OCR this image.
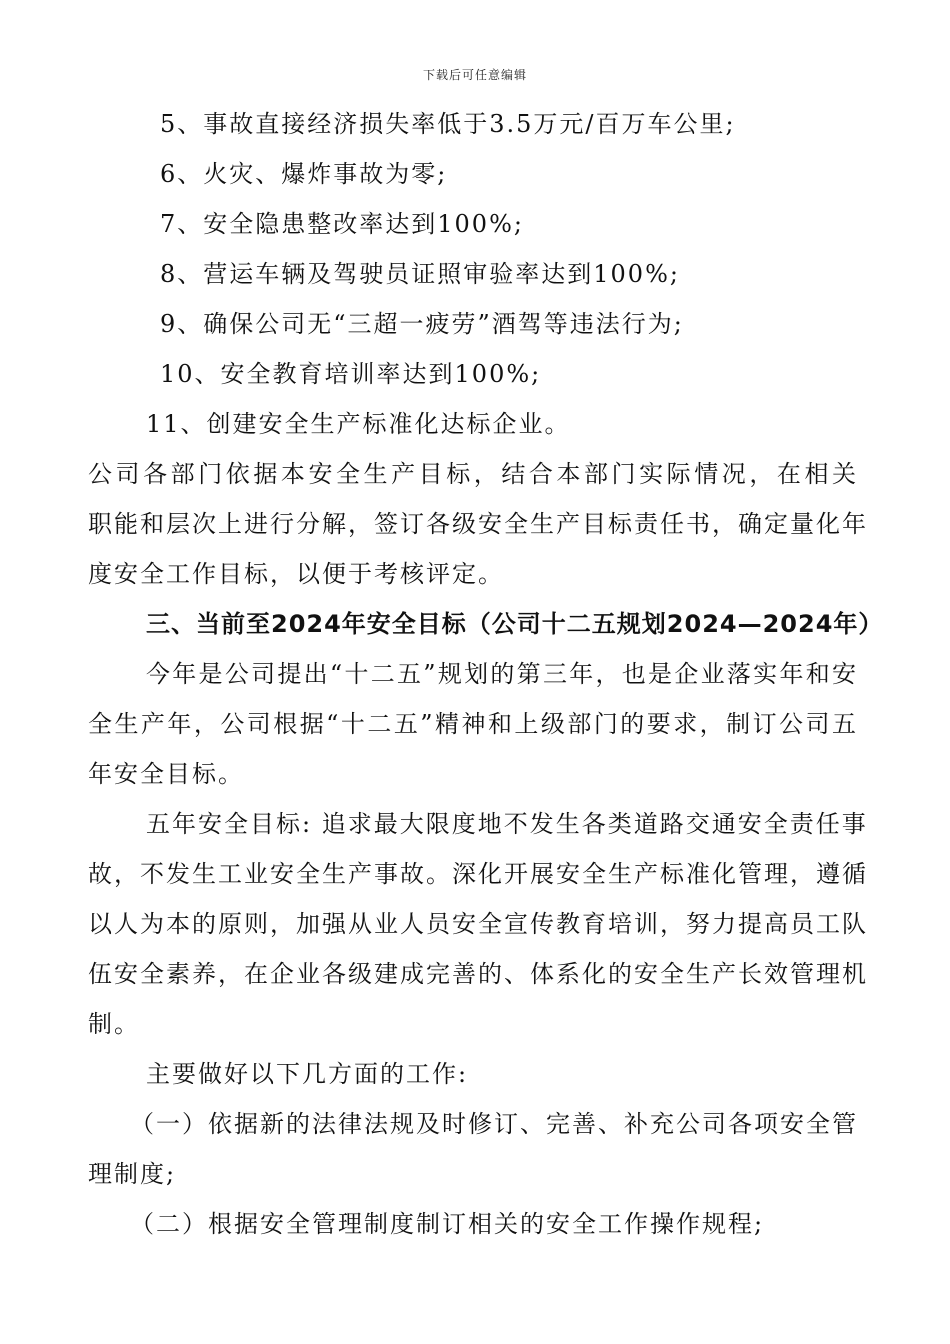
下载后可任意编辑
5、事故直接经济损失率低于3.5万元/百万车公里;
6、火灾、爆炸事故为零;
7、安全隐患整改率达到100%;
8、营运车辆及驾驶员证照审验率达到100%;
9、确保公司无“三超一疲劳”酒驾等违法行为;
10、安全教育培训率达到100%;
11、创建安全生产标准化达标企业。
公司各部门依据本安全生产目标，结合本部门实际情况，在相关
职能和层次上进行分解，签订各级安全生产目标责任书，确定量化年
度安全工作目标，以便于考核评定。
三、当前至2024年安全目标（公司十二五规划2024—2024年）
今年是公司提出“十二五”规划的第三年，也是企业落实年和安
全生产年，公司根据“十二五”精神和上级部门的要求，制订公司五
年安全目标。
五年安全目标: 追求最大限度地不发生各类道路交通安全责任事
故，不发生工业安全生产事故。深化开展安全生产标准化管理，遵循
以人为本的原则，加强从业人员安全宣传教育培训，努力提高员工队
伍安全素养，在企业各级建成完善的、体系化的安全生产长效管理机
制。
主要做好以下几方面的工作:
（一）依据新的法律法规及时修订、完善、补充公司各项安全管
理制度;
（二）根据安全管理制度制订相关的安全工作操作规程;
